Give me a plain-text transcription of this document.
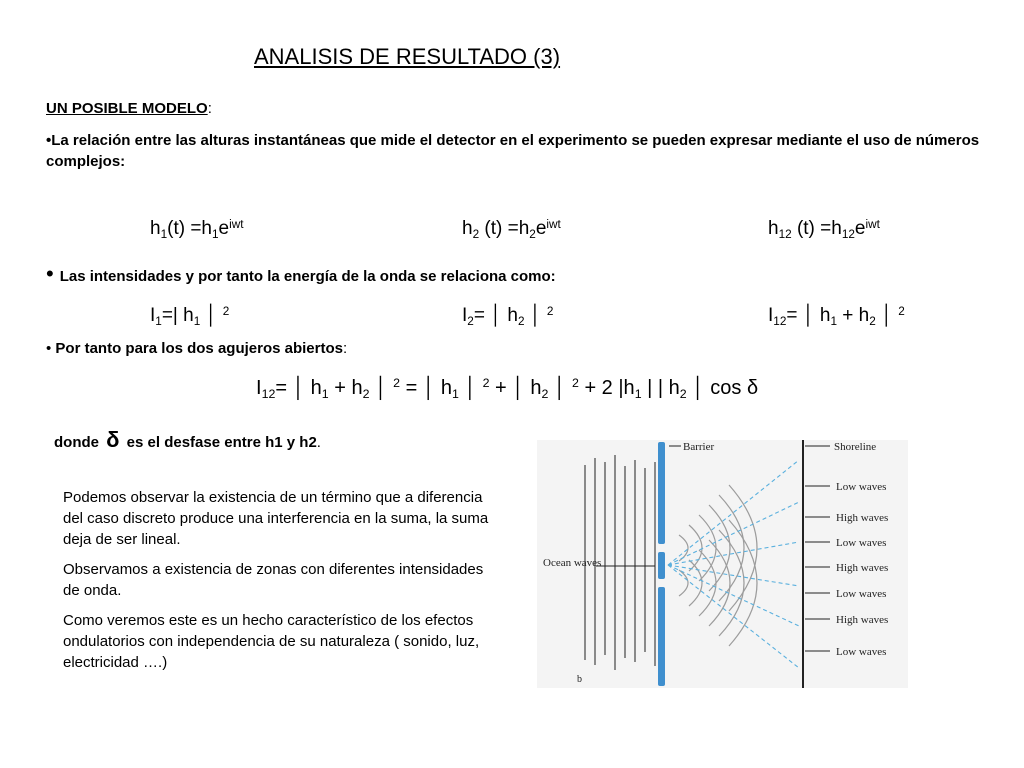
ANALISIS DE RESULTADO (3)
UN POSIBLE MODELO:
•La relación entre las alturas instantáneas que mide el detector en el experimento se pueden expresar mediante el uso de números complejos:
$h_1(t) =h_1e^{iwt}$	$h_2$ $(t) =h_2e^{iwt}$	$h_{12}$ $(t) =h_{12}e^{iwt}$
• Las intensidades y por tanto la energía de la onda se relaciona como:
$I_1=|$ $h_1$ │ $^2$	$I_2=$ │ $h_2$ │ $^2$	$I_{12}=$ │ $h_1 + h_2$ │ $^2$
• Por tanto para los dos agujeros abiertos:
$I_{12}=$ │ $h_1 + h_2$ │ $^2$ = │ $h_1$ │ $^2$ + │ $h_2$ │ $^2$ + 2 $|h_1$ | | $h_2$ │ cos δ
donde δ es el desfase entre h1 y h2.

Podemos observar la existencia de un término que a diferencia del caso discreto produce una interferencia en la suma, la suma deja de ser lineal.

Observamos a existencia de zonas con diferentes intensidades de onda.

Como veremos este es un hecho característico de los efectos ondulatorios con independencia de su naturaleza ( sonido, luz, electricidad ….)

Barrier	Shoreline
Ocean waves
b
Low waves
High waves
Low waves
High waves
Low waves
High waves
Low waves
